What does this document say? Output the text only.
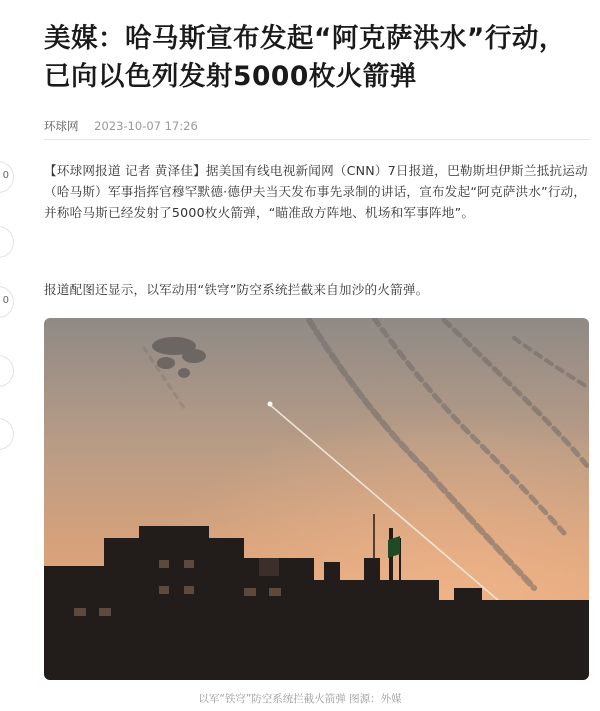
0
0
美媒：哈马斯宣布发起“阿克萨洪水”行动，已向以色列发射5000枚火箭弹
环球网 2023-10-07 17:26

【环球网报道 记者 黄泽佳】据美国有线电视新闻网（CNN）7日报道，巴勒斯坦伊斯兰抵抗运动（哈马斯）军事指挥官穆罕默德·德伊夫当天发布事先录制的讲话，宣布发起“阿克萨洪水”行动，并称哈马斯已经发射了5000枚火箭弹，“瞄准敌方阵地、机场和军事阵地”。

报道配图还显示，以军动用“铁穹”防空系统拦截来自加沙的火箭弹。

以军“铁穹”防空系统拦截火箭弹 图源：外媒
